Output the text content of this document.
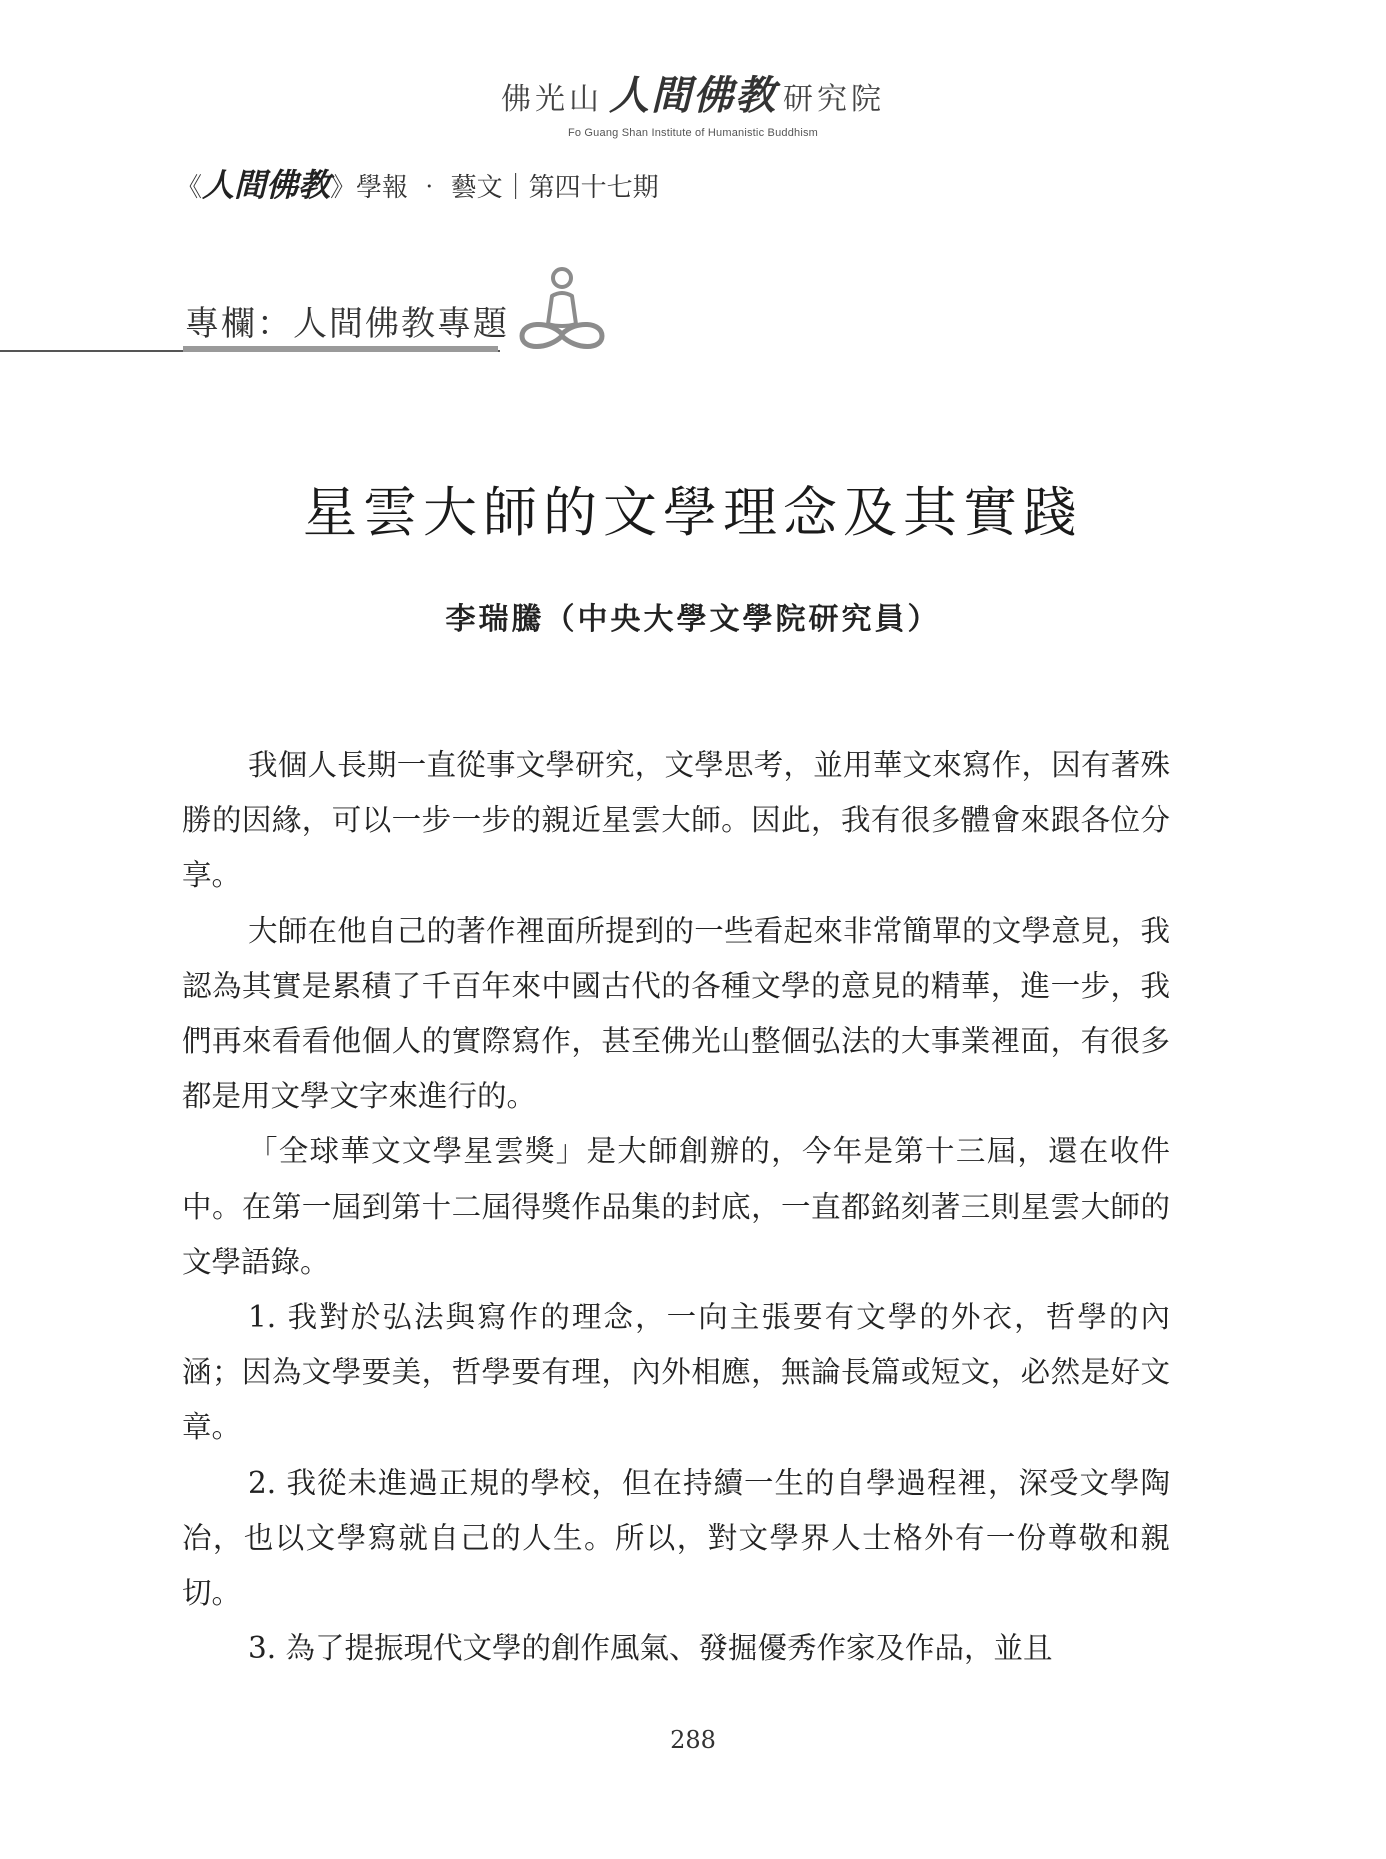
佛光山 人間佛教 研究院
Fo Guang Shan Institute of Humanistic Buddhism
《人間佛教》學報 ‧ 藝文｜第四十七期
專欄：人間佛教專題
星雲大師的文學理念及其實踐
李瑞騰（中央大學文學院研究員）

我個人長期一直從事文學研究，文學思考，並用華文來寫作，因有著殊勝的因緣，可以一步一步的親近星雲大師。因此，我有很多體會來跟各位分享。

大師在他自己的著作裡面所提到的一些看起來非常簡單的文學意見，我認為其實是累積了千百年來中國古代的各種文學的意見的精華，進一步，我們再來看看他個人的實際寫作，甚至佛光山整個弘法的大事業裡面，有很多都是用文學文字來進行的。

「全球華文文學星雲獎」是大師創辦的，今年是第十三屆，還在收件中。在第一屆到第十二屆得獎作品集的封底，一直都銘刻著三則星雲大師的文學語錄。

1. 我對於弘法與寫作的理念，一向主張要有文學的外衣，哲學的內涵；因為文學要美，哲學要有理，內外相應，無論長篇或短文，必然是好文章。

2. 我從未進過正規的學校，但在持續一生的自學過程裡，深受文學陶冶，也以文學寫就自己的人生。所以，對文學界人士格外有一份尊敬和親切。

3. 為了提振現代文學的創作風氣、發掘優秀作家及作品，並且

288
